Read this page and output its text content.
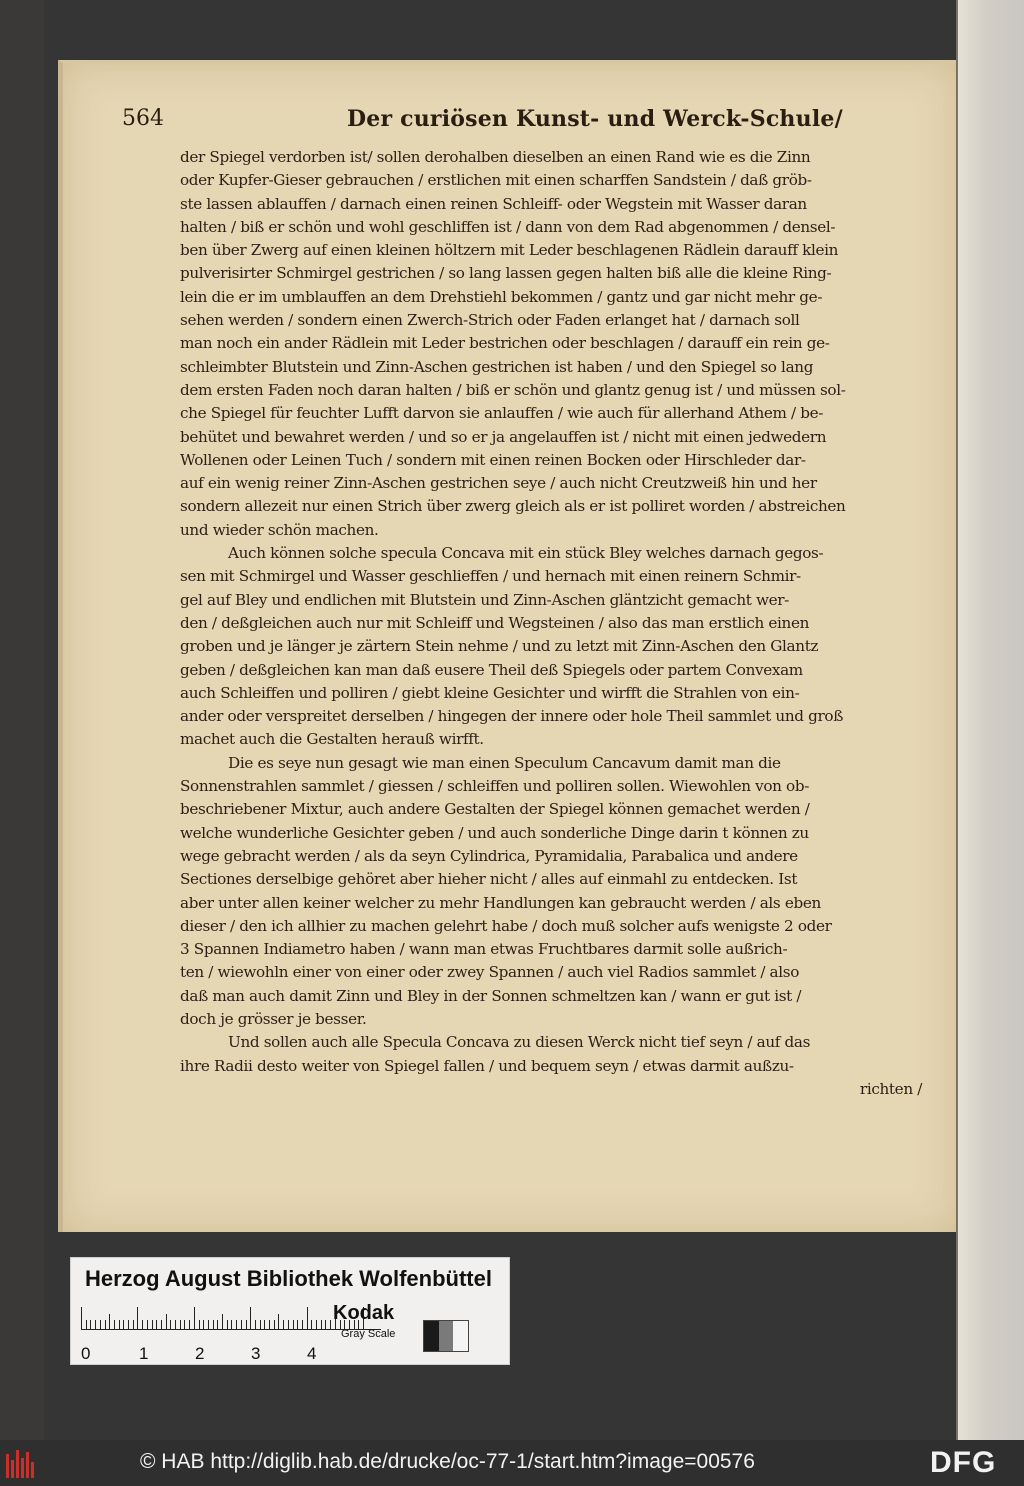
564	Der curiösen Kunst- und Werck-Schule/
der Spiegel verdorben ist/ sollen derohalben dieselben an einen Rand wie es die Zinn
oder Kupfer-Gieser gebrauchen / erstlichen mit einen scharffen Sandstein / daß gröb-
ste lassen ablauffen / darnach einen reinen Schleiff- oder Wegstein mit Wasser daran
halten / biß er schön und wohl geschliffen ist / dann von dem Rad abgenommen / densel-
ben über Zwerg auf einen kleinen höltzern mit Leder beschlagenen Rädlein darauff klein
pulverisirter Schmirgel gestrichen / so lang lassen gegen halten biß alle die kleine Ring-
lein die er im umblauffen an dem Drehstiehl bekommen / gantz und gar nicht mehr ge-
sehen werden / sondern einen Zwerch-Strich oder Faden erlanget hat / darnach soll
man noch ein ander Rädlein mit Leder bestrichen oder beschlagen / darauff ein rein ge-
schleimbter Blutstein und Zinn-Aschen gestrichen ist haben / und den Spiegel so lang
dem ersten Faden noch daran halten / biß er schön und glantz genug ist / und müssen sol-
che Spiegel für feuchter Lufft darvon sie anlauffen / wie auch für allerhand Athem / be-
behütet und bewahret werden / und so er ja angelauffen ist / nicht mit einen jedwedern
Wollenen oder Leinen Tuch / sondern mit einen reinen Bocken oder Hirschleder dar-
auf ein wenig reiner Zinn-Aschen gestrichen seye / auch nicht Creutzweiß hin und her
sondern allezeit nur einen Strich über zwerg gleich als er ist polliret worden / abstreichen
und wieder schön machen.
Auch können solche specula Concava mit ein stück Bley welches darnach gegos-
sen mit Schmirgel und Wasser geschlieffen / und hernach mit einen reinern Schmir-
gel auf Bley und endlichen mit Blutstein und Zinn-Aschen gläntzicht gemacht wer-
den / deßgleichen auch nur mit Schleiff und Wegsteinen / also das man erstlich einen
groben und je länger je zärtern Stein nehme / und zu letzt mit Zinn-Aschen den Glantz
geben / deßgleichen kan man daß eusere Theil deß Spiegels oder partem Convexam
auch Schleiffen und polliren / giebt kleine Gesichter und wirfft die Strahlen von ein-
ander oder verspreitet derselben / hingegen der innere oder hole Theil sammlet und groß
machet auch die Gestalten herauß wirfft.
Die es seye nun gesagt wie man einen Speculum Cancavum damit man die
Sonnenstrahlen sammlet / giessen / schleiffen und polliren sollen. Wiewohlen von ob-
beschriebener Mixtur, auch andere Gestalten der Spiegel können gemachet werden /
welche wunderliche Gesichter geben / und auch sonderliche Dinge darin t können zu
wege gebracht werden / als da seyn Cylindrica, Pyramidalia, Parabalica und andere
Sectiones derselbige gehöret aber hieher nicht / alles auf einmahl zu entdecken. Ist
aber unter allen keiner welcher zu mehr Handlungen kan gebraucht werden / als eben
dieser / den ich allhier zu machen gelehrt habe / doch muß solcher aufs wenigste 2 oder
3 Spannen Indiametro haben / wann man etwas Fruchtbares darmit solle außrich-
ten / wiewohln einer von einer oder zwey Spannen / auch viel Radios sammlet / also
daß man auch damit Zinn und Bley in der Sonnen schmeltzen kan / wann er gut ist /
doch je grösser je besser.
Und sollen auch alle Specula Concava zu diesen Werck nicht tief seyn / auf das
ihre Radii desto weiter von Spiegel fallen / und bequem seyn / etwas darmit außzu-
richten /
Herzog August Bibliothek Wolfenbüttel
0	1	2	3	4
Kodak
Gray Scale
© HAB http://diglib.hab.de/drucke/oc-77-1/start.htm?image=00576	DFG
